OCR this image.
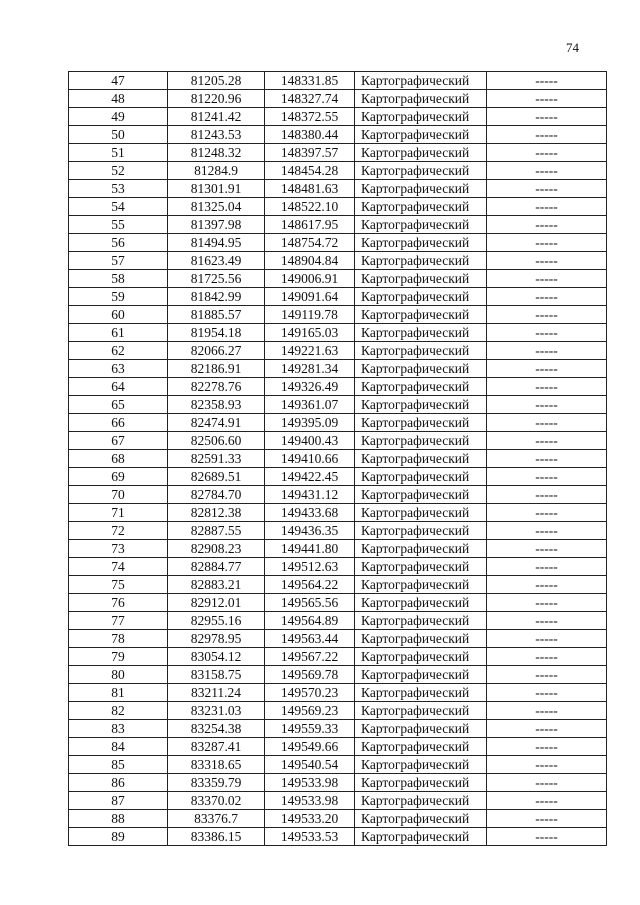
74
47	81205.28	148331.85	Картографический	-----
48	81220.96	148327.74	Картографический	-----
49	81241.42	148372.55	Картографический	-----
50	81243.53	148380.44	Картографический	-----
51	81248.32	148397.57	Картографический	-----
52	81284.9	148454.28	Картографический	-----
53	81301.91	148481.63	Картографический	-----
54	81325.04	148522.10	Картографический	-----
55	81397.98	148617.95	Картографический	-----
56	81494.95	148754.72	Картографический	-----
57	81623.49	148904.84	Картографический	-----
58	81725.56	149006.91	Картографический	-----
59	81842.99	149091.64	Картографический	-----
60	81885.57	149119.78	Картографический	-----
61	81954.18	149165.03	Картографический	-----
62	82066.27	149221.63	Картографический	-----
63	82186.91	149281.34	Картографический	-----
64	82278.76	149326.49	Картографический	-----
65	82358.93	149361.07	Картографический	-----
66	82474.91	149395.09	Картографический	-----
67	82506.60	149400.43	Картографический	-----
68	82591.33	149410.66	Картографический	-----
69	82689.51	149422.45	Картографический	-----
70	82784.70	149431.12	Картографический	-----
71	82812.38	149433.68	Картографический	-----
72	82887.55	149436.35	Картографический	-----
73	82908.23	149441.80	Картографический	-----
74	82884.77	149512.63	Картографический	-----
75	82883.21	149564.22	Картографический	-----
76	82912.01	149565.56	Картографический	-----
77	82955.16	149564.89	Картографический	-----
78	82978.95	149563.44	Картографический	-----
79	83054.12	149567.22	Картографический	-----
80	83158.75	149569.78	Картографический	-----
81	83211.24	149570.23	Картографический	-----
82	83231.03	149569.23	Картографический	-----
83	83254.38	149559.33	Картографический	-----
84	83287.41	149549.66	Картографический	-----
85	83318.65	149540.54	Картографический	-----
86	83359.79	149533.98	Картографический	-----
87	83370.02	149533.98	Картографический	-----
88	83376.7	149533.20	Картографический	-----
89	83386.15	149533.53	Картографический	-----
